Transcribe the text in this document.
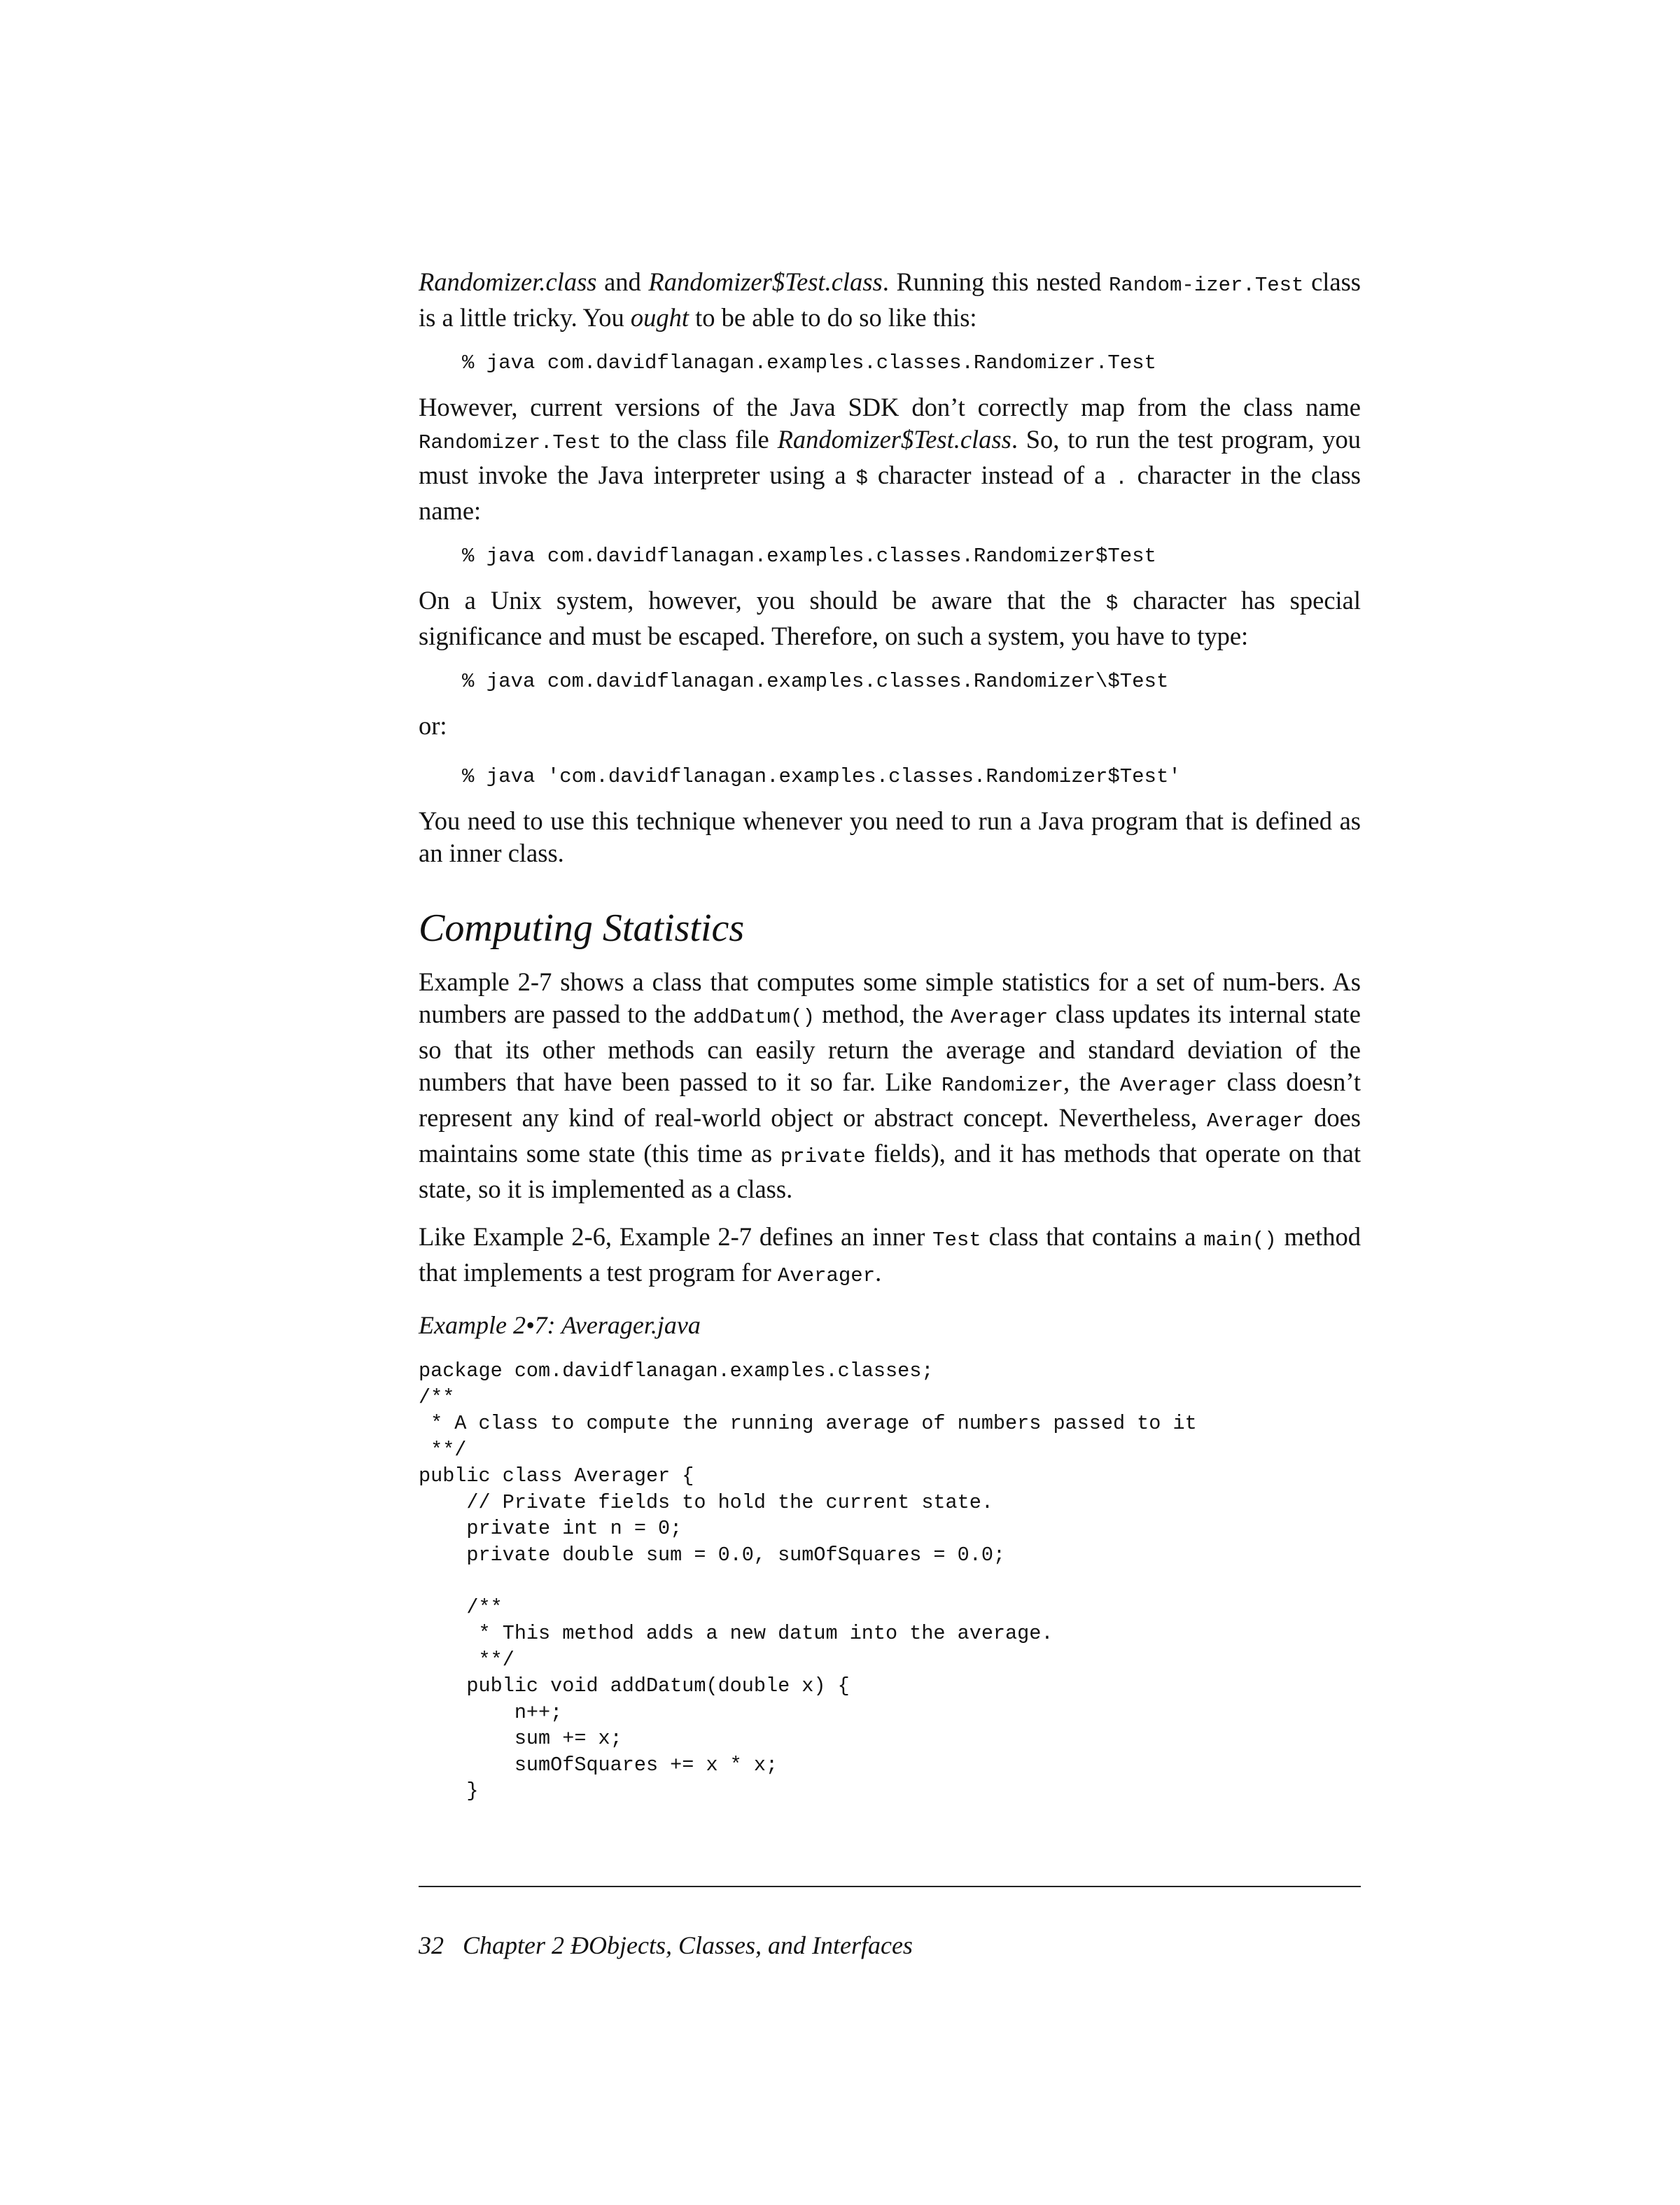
Randomizer.class and Randomizer$Test.class. Running this nested Random-izer.Test class is a little tricky. You ought to be able to do so like this:

% java com.davidflanagan.examples.classes.Randomizer.Test

However, current versions of the Java SDK don’t correctly map from the class name Randomizer.Test to the class file Randomizer$Test.class. So, to run the test program, you must invoke the Java interpreter using a $ character instead of a . character in the class name:

% java com.davidflanagan.examples.classes.Randomizer$Test

On a Unix system, however, you should be aware that the $ character has special significance and must be escaped. Therefore, on such a system, you have to type:

% java com.davidflanagan.examples.classes.Randomizer\$Test

or:

% java 'com.davidflanagan.examples.classes.Randomizer$Test'

You need to use this technique whenever you need to run a Java program that is defined as an inner class.

Computing Statistics

Example 2-7 shows a class that computes some simple statistics for a set of num-bers. As numbers are passed to the addDatum() method, the Averager class updates its internal state so that its other methods can easily return the average and standard deviation of the numbers that have been passed to it so far. Like Randomizer, the Averager class doesn’t represent any kind of real-world object or abstract concept. Nevertheless, Averager does maintains some state (this time as private fields), and it has methods that operate on that state, so it is implemented as a class.

Like Example 2-6, Example 2-7 defines an inner Test class that contains a main() method that implements a test program for Averager.

Example 2•7: Averager.java

package com.davidflanagan.examples.classes;
/**
* A class to compute the running average of numbers passed to it
**/
public class Averager {
// Private fields to hold the current state.
private int n = 0;
private double sum = 0.0, sumOfSquares = 0.0;

/**
* This method adds a new datum into the average.
**/
public void addDatum(double x) {
n++;
sum += x;
sumOfSquares += x * x;
}
32 Chapter 2 ÐObjects, Classes, and Interfaces
